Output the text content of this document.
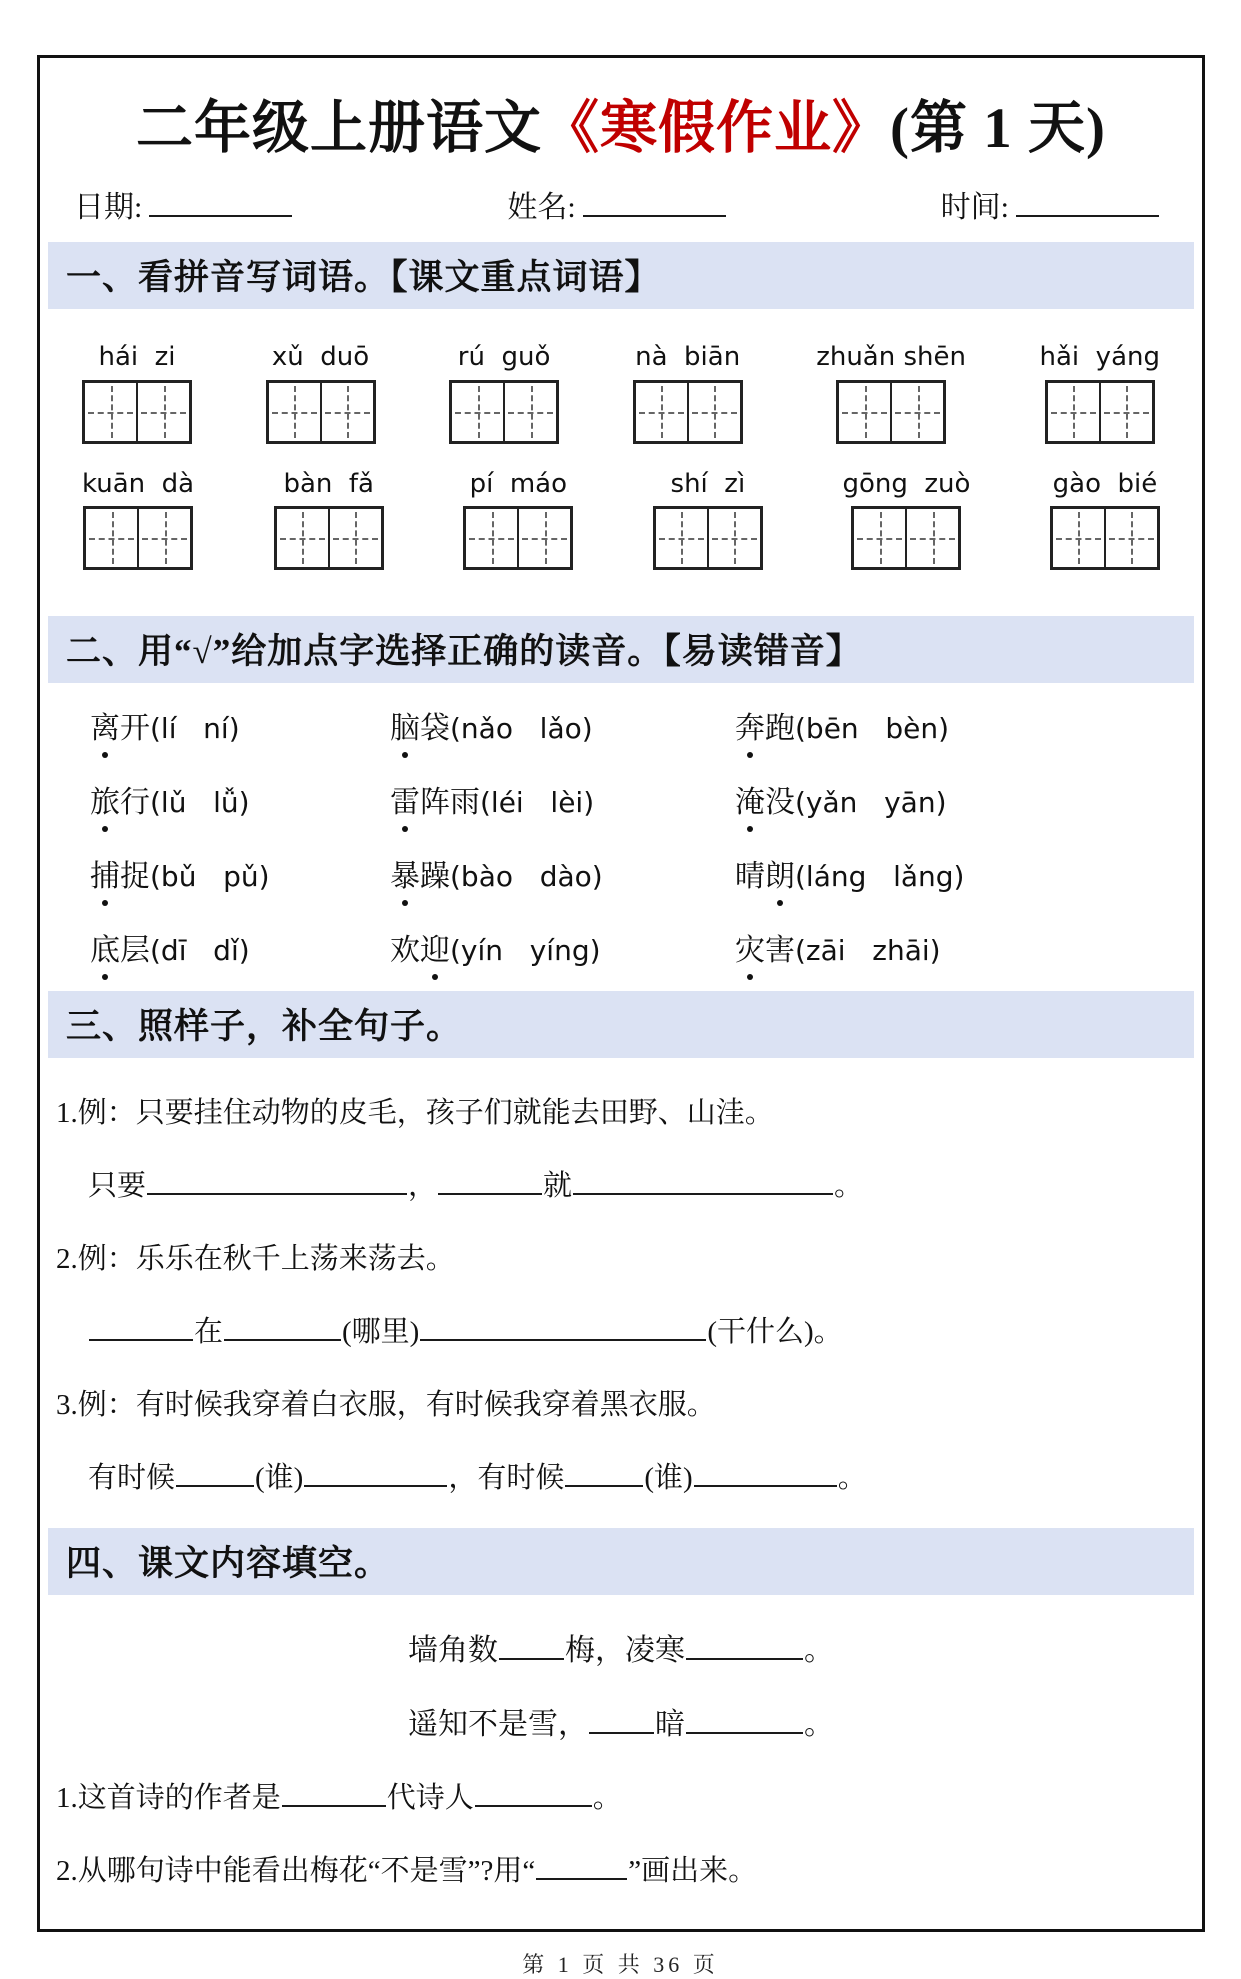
二年级上册语文《寒假作业》(第 1 天)
日期:	姓名:	时间:
一、看拼音写词语。【课文重点词语】
hái  zi	xǔ  duō	rú  guǒ	nà  biān	zhuǎn shēn	hǎi  yáng
kuān  dà	bàn  fǎ	pí  máo	shí  zì	gōng  zuò	gào  bié
二、用“√”给加点字选择正确的读音。【易读错音】
离开(lí   ní)	脑袋(nǎo   lǎo)	奔跑(bēn   bèn)
旅行(lǔ   lǚ)	雷阵雨(léi   lèi)	淹没(yǎn   yān)
捕捉(bǔ   pǔ)	暴躁(bào   dào)	晴朗(láng   lǎng)
底层(dī   dǐ)	欢迎(yín   yíng)	灾害(zāi   zhāi)
三、照样子，补全句子。
1.例：只要挂住动物的皮毛，孩子们就能去田野、山洼。
只要	，	就	。
2.例：乐乐在秋千上荡来荡去。
在	(哪里)	(干什么)。
3.例：有时候我穿着白衣服，有时候我穿着黑衣服。
有时候	(谁)	，有时候	(谁)	。
四、课文内容填空。
墙角数 梅，凌寒	。
遥知不是雪， 暗	。
1.这首诗的作者是	代诗人	。
2.从哪句诗中能看出梅花“不是雪”?用“	”画出来。
第 1 页 共 36 页
